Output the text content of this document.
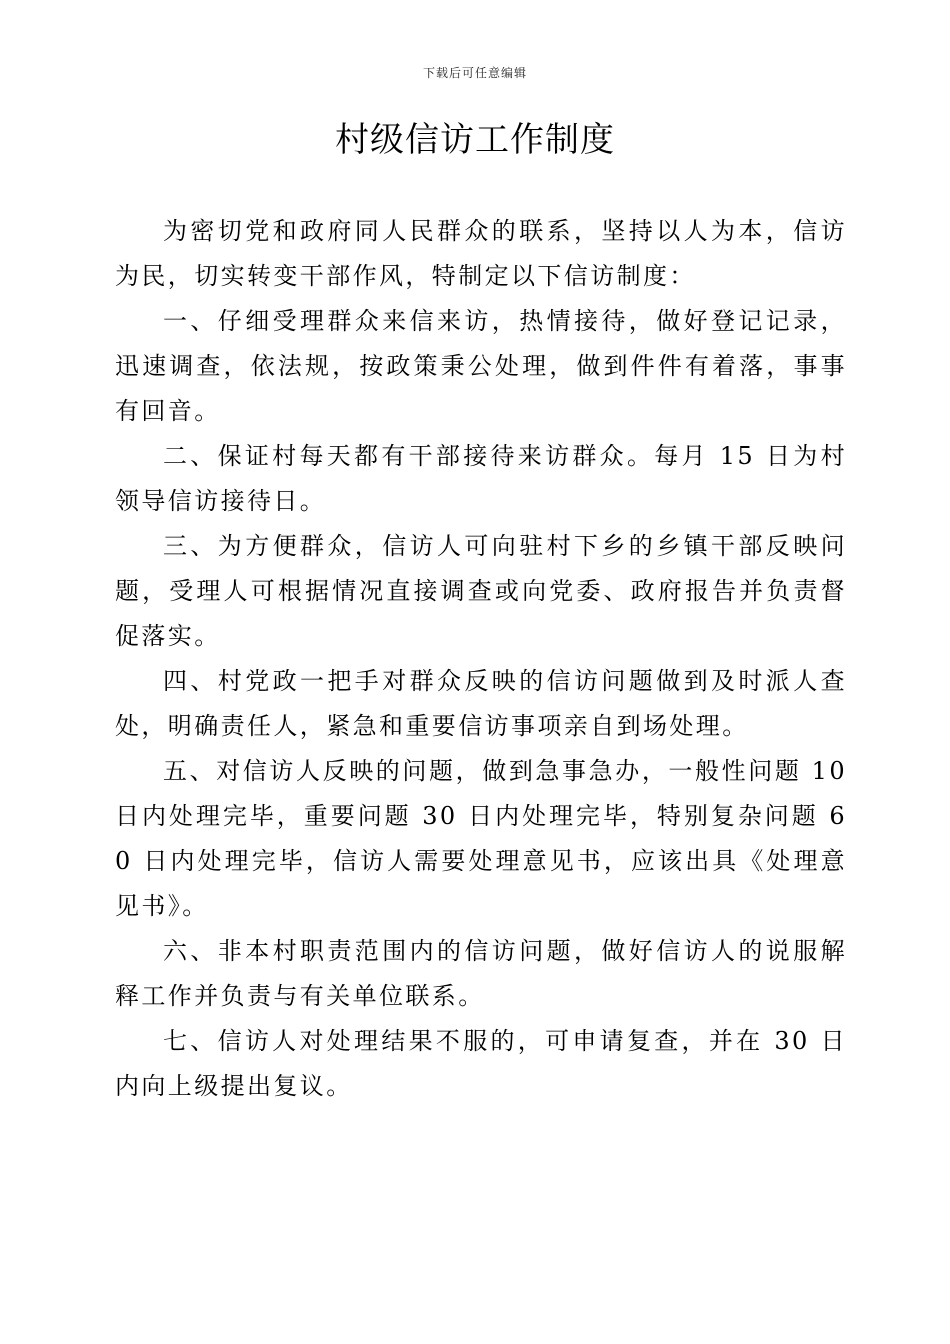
下载后可任意编辑
村级信访工作制度

为密切党和政府同人民群众的联系，坚持以人为本，信访为民，切实转变干部作风，特制定以下信访制度：

一、仔细受理群众来信来访，热情接待，做好登记记录，迅速调查，依法规，按政策秉公处理，做到件件有着落，事事有回音。

二、保证村每天都有干部接待来访群众。每月 15 日为村领导信访接待日。

三、为方便群众，信访人可向驻村下乡的乡镇干部反映问题，受理人可根据情况直接调查或向党委、政府报告并负责督促落实。

四、村党政一把手对群众反映的信访问题做到及时派人查处，明确责任人，紧急和重要信访事项亲自到场处理。

五、对信访人反映的问题，做到急事急办，一般性问题 10 日内处理完毕，重要问题 30 日内处理完毕，特别复杂问题 60 日内处理完毕，信访人需要处理意见书，应该出具《处理意见书》。

六、非本村职责范围内的信访问题，做好信访人的说服解释工作并负责与有关单位联系。

七、信访人对处理结果不服的，可申请复查，并在 30 日内向上级提出复议。
